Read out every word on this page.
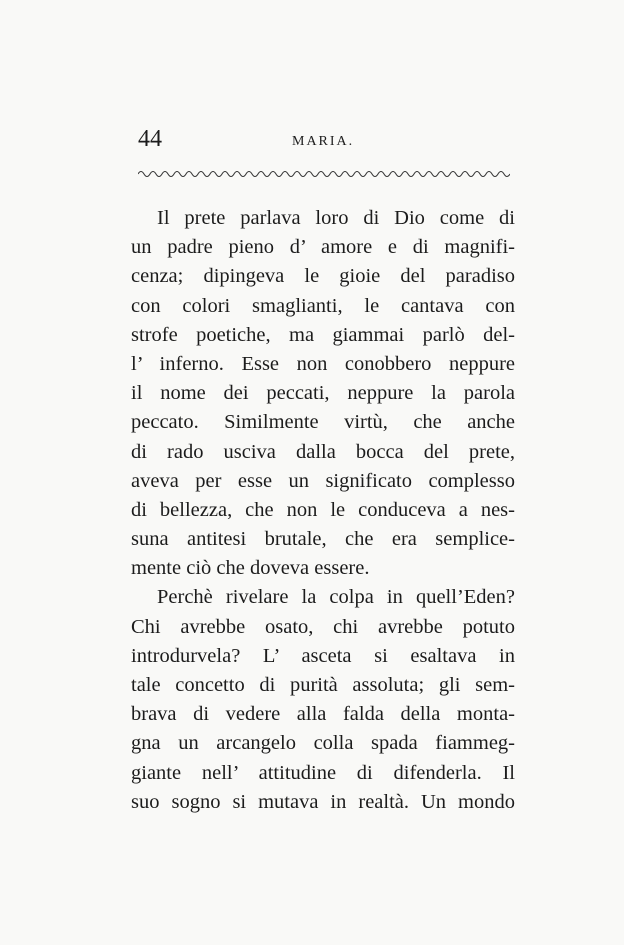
44	MARIA.
Il prete parlava loro di Dio come di
un padre pieno d’ amore e di magnifi-
cenza; dipingeva le gioie del paradiso
con colori smaglianti, le cantava con
strofe poetiche, ma giammai parlò del-
l’ inferno. Esse non conobbero neppure
il nome dei peccati, neppure la parola
peccato. Similmente virtù, che anche
di rado usciva dalla bocca del prete,
aveva per esse un significato complesso
di bellezza, che non le conduceva a nes-
suna antitesi brutale, che era semplice-
mente ciò che doveva essere.
Perchè rivelare la colpa in quell’Eden?
Chi avrebbe osato, chi avrebbe potuto
introdurvela? L’ asceta si esaltava in
tale concetto di purità assoluta; gli sem-
brava di vedere alla falda della monta-
gna un arcangelo colla spada fiammeg-
giante nell’ attitudine di difenderla. Il
suo sogno si mutava in realtà. Un mondo
